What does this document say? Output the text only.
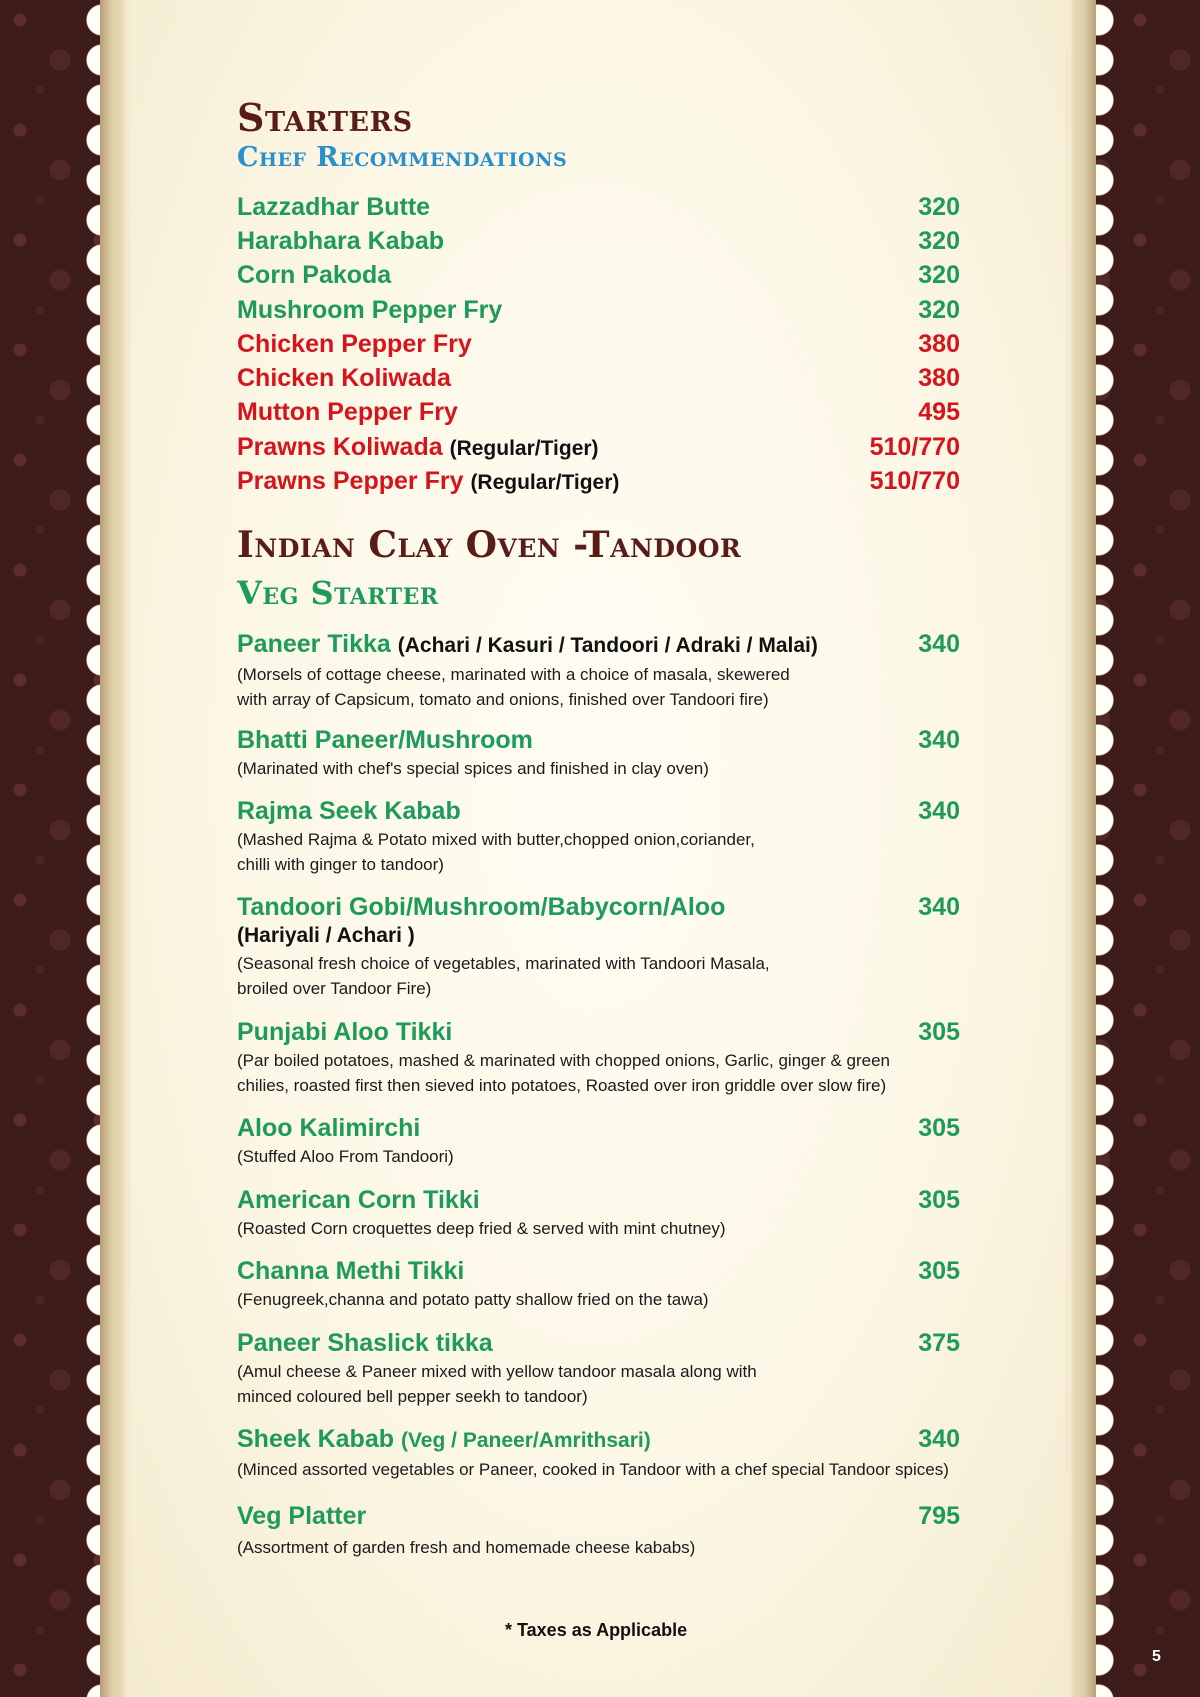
Starters
Chef Recommendations
Lazzadhar Butte	320
Harabhara Kabab	320
Corn Pakoda	320
Mushroom Pepper Fry	320
Chicken Pepper Fry	380
Chicken Koliwada	380
Mutton Pepper Fry	495
Prawns Koliwada (Regular/Tiger)	510/770
Prawns Pepper Fry (Regular/Tiger)	510/770
Indian Clay Oven -Tandoor
Veg Starter
Paneer Tikka (Achari / Kasuri / Tandoori / Adraki / Malai)	340
(Morsels of cottage cheese, marinated with a choice of masala, skewered
with array of Capsicum, tomato and onions, finished over Tandoori fire)
Bhatti Paneer/Mushroom	340
(Marinated with chef's special spices and finished in clay oven)
Rajma Seek Kabab	340
(Mashed Rajma & Potato mixed with butter,chopped onion,coriander,
chilli with ginger to tandoor)
Tandoori Gobi/Mushroom/Babycorn/Aloo	340
(Hariyali / Achari )
(Seasonal fresh choice of vegetables, marinated with Tandoori Masala,
broiled over Tandoor Fire)
Punjabi Aloo Tikki	305
(Par boiled potatoes, mashed & marinated with chopped onions, Garlic, ginger & green
chilies, roasted first then sieved into potatoes, Roasted over iron griddle over slow fire)
Aloo Kalimirchi	305
(Stuffed Aloo From Tandoori)
American Corn Tikki	305
(Roasted Corn croquettes deep fried & served with mint chutney)
Channa Methi Tikki	305
(Fenugreek,channa and potato patty shallow fried on the tawa)
Paneer Shaslick tikka	375
(Amul cheese & Paneer mixed with yellow tandoor masala along with
minced coloured bell pepper seekh to tandoor)
Sheek Kabab (Veg / Paneer/Amrithsari)	340
(Minced assorted vegetables or Paneer, cooked in Tandoor with a chef special Tandoor spices)
Veg Platter	795
(Assortment of garden fresh and homemade cheese kababs)
* Taxes as Applicable
5
